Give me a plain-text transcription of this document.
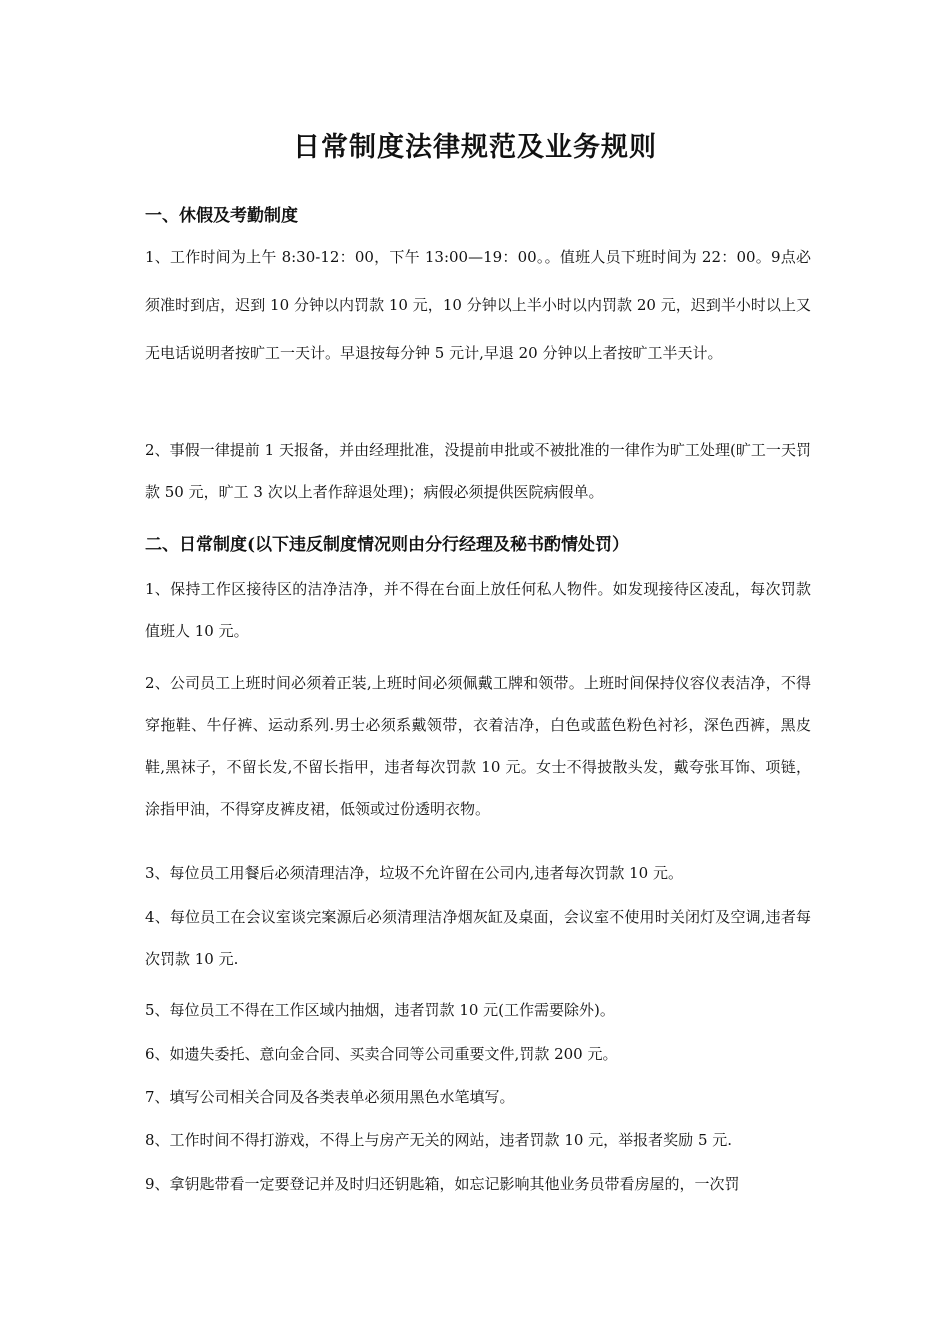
日常制度法律规范及业务规则
一、休假及考勤制度

1、工作时间为上午 8:30-12：00，下午 13:00—19：00。。值班人员下班时间为 22：00。9点必须准时到店，迟到 10 分钟以内罚款 10 元，10 分钟以上半小时以内罚款 20 元，迟到半小时以上又无电话说明者按旷工一天计。早退按每分钟 5 元计,早退 20 分钟以上者按旷工半天计。

2、事假一律提前 1 天报备，并由经理批准，没提前申批或不被批准的一律作为旷工处理(旷工一天罚款 50 元，旷工 3 次以上者作辞退处理)；病假必须提供医院病假单。

二、日常制度(以下违反制度情况则由分行经理及秘书酌情处罚）

1、保持工作区接待区的洁净洁净，并不得在台面上放任何私人物件。如发现接待区凌乱，每次罚款值班人 10 元。

2、公司员工上班时间必须着正装,上班时间必须佩戴工牌和领带。上班时间保持仪容仪表洁净，不得穿拖鞋、牛仔裤、运动系列.男士必须系戴领带，衣着洁净，白色或蓝色粉色衬衫，深色西裤，黑皮鞋,黑袜子，不留长发,不留长指甲，违者每次罚款 10 元。女士不得披散头发，戴夸张耳饰、项链，涂指甲油，不得穿皮裤皮裙，低领或过份透明衣物。

3、每位员工用餐后必须清理洁净，垃圾不允许留在公司内,违者每次罚款 10 元。

4、每位员工在会议室谈完案源后必须清理洁净烟灰缸及桌面，会议室不使用时关闭灯及空调,违者每次罚款 10 元.

5、每位员工不得在工作区域内抽烟，违者罚款 10 元(工作需要除外)。

6、如遗失委托、意向金合同、买卖合同等公司重要文件,罚款 200 元。

7、填写公司相关合同及各类表单必须用黑色水笔填写。

8、工作时间不得打游戏，不得上与房产无关的网站，违者罚款 10 元，举报者奖励 5 元.

9、拿钥匙带看一定要登记并及时归还钥匙箱，如忘记影响其他业务员带看房屋的，一次罚
